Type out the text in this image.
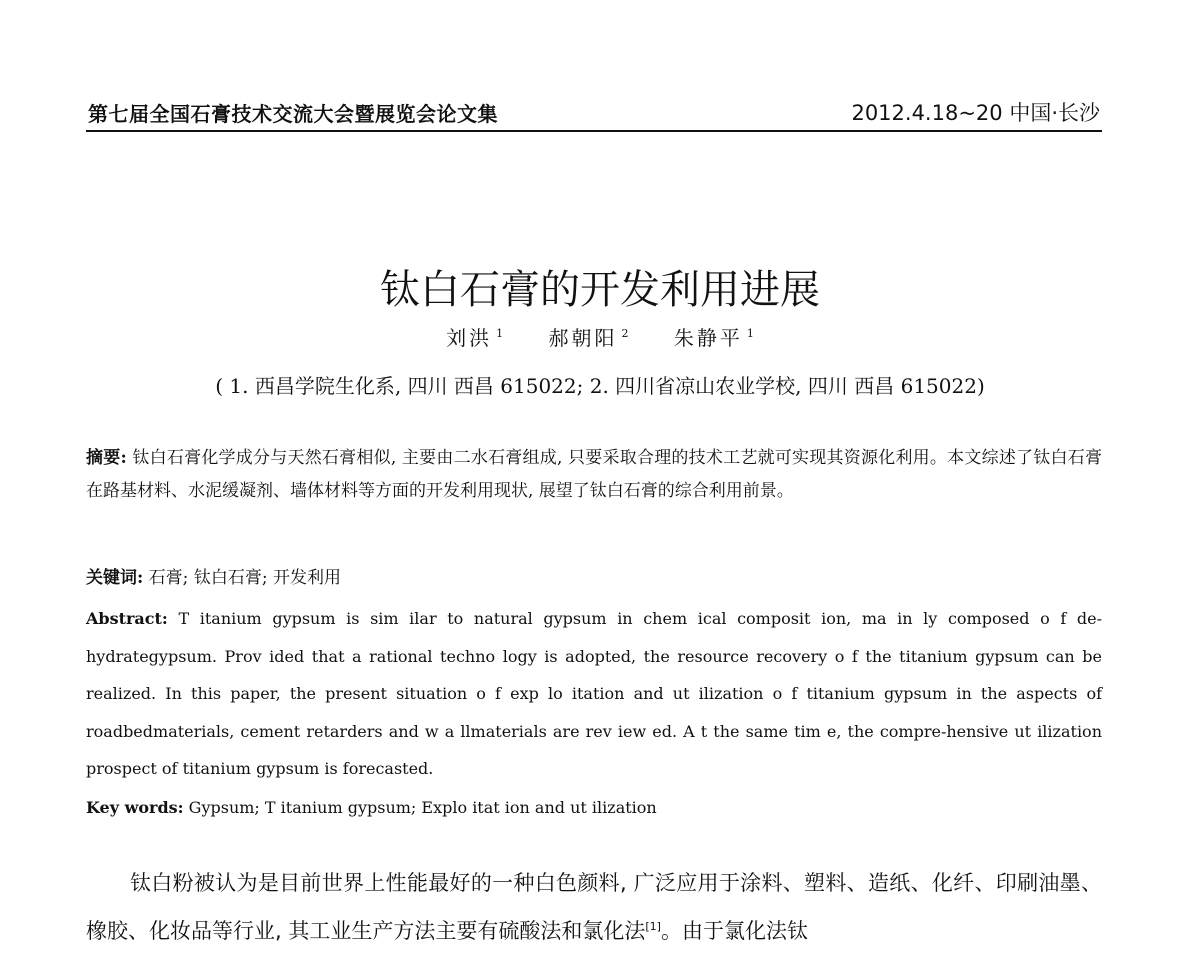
第七届全国石膏技术交流大会暨展览会论文集	2012.4.18~20 中国·长沙
钛白石膏的开发利用进展
刘洪 $^1$ 郝朝阳 $^2$ 朱静平 $^1$
( 1. 西昌学院生化系, 四川 西昌 615022; 2. 四川省凉山农业学校, 四川 西昌 615022)
摘要: 钛白石膏化学成分与天然石膏相似, 主要由二水石膏组成, 只要采取合理的技术工艺就可实现其资源化利用。本文综述了钛白石膏在路基材料、水泥缓凝剂、墙体材料等方面的开发利用现状, 展望了钛白石膏的综合利用前景。
关键词: 石膏; 钛白石膏; 开发利用
Abstract: T itanium gypsum is sim ilar to natural gypsum in chem ical composit ion, ma in ly composed o f de-hydrategypsum. Prov ided that a rational techno logy is adopted, the resource recovery o f the titanium gypsum can be realized. In this paper, the present situation o f exp lo itation and ut ilization o f titanium gypsum in the aspects of roadbedmaterials, cement retarders and w a llmaterials are rev iew ed. A t the same tim e, the compre-hensive ut ilization prospect of titanium gypsum is forecasted.
Key words: Gypsum; T itanium gypsum; Explo itat ion and ut ilization
钛白粉被认为是目前世界上性能最好的一种白色颜料, 广泛应用于涂料、塑料、造纸、化纤、印刷油墨、橡胶、化妆品等行业, 其工业生产方法主要有硫酸法和氯化法[1]。由于氯化法钛
